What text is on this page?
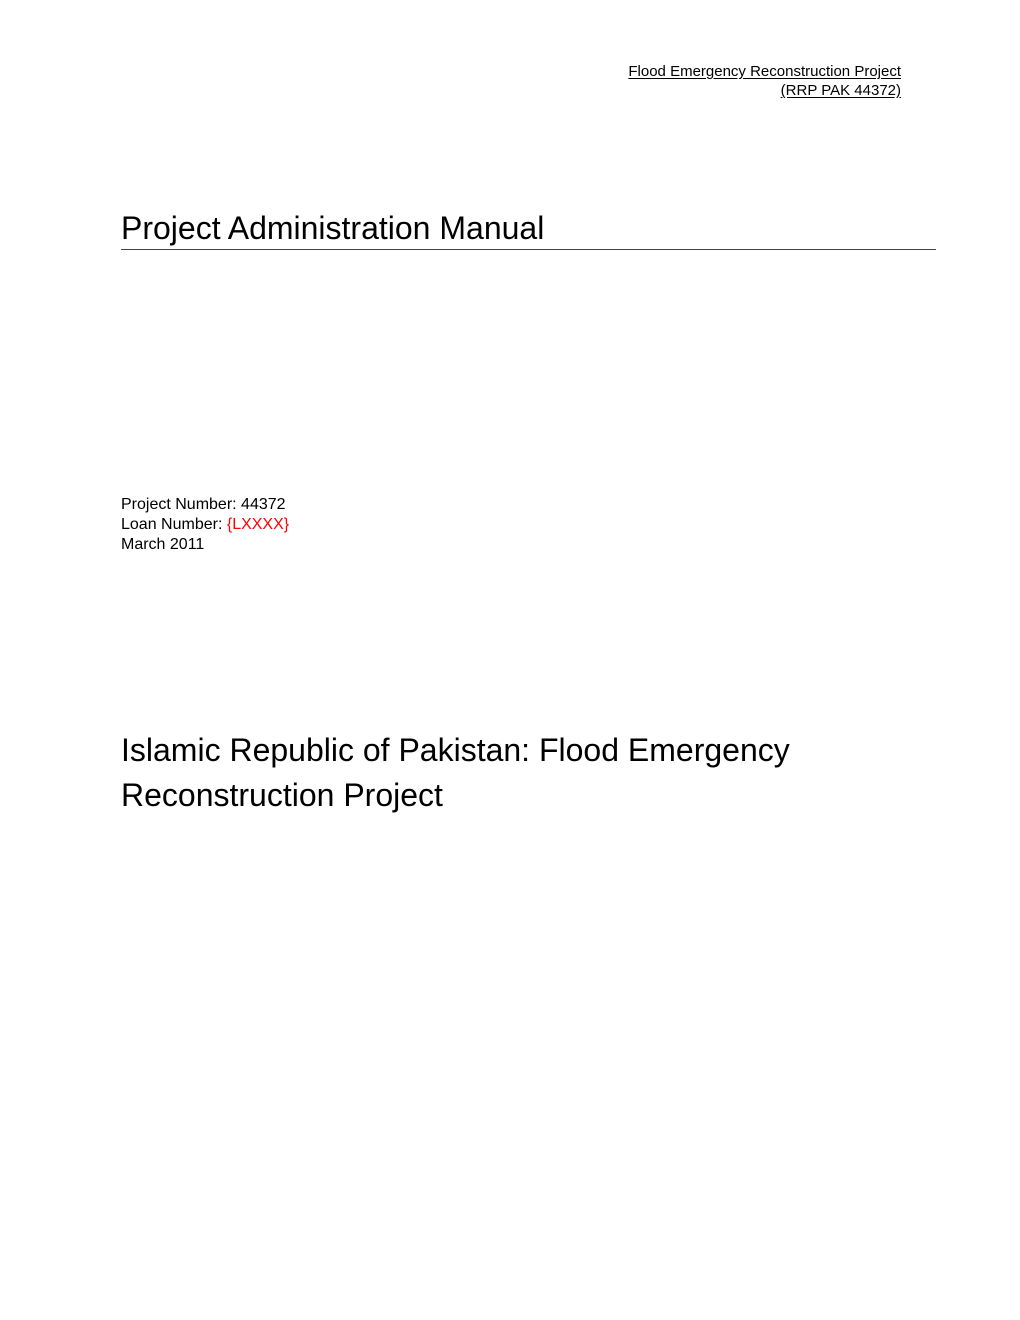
Flood Emergency Reconstruction Project
(RRP PAK 44372)
Project Administration Manual
Project Number: 44372
Loan Number: {LXXXX}
March 2011
Islamic Republic of Pakistan: Flood Emergency
Reconstruction Project
